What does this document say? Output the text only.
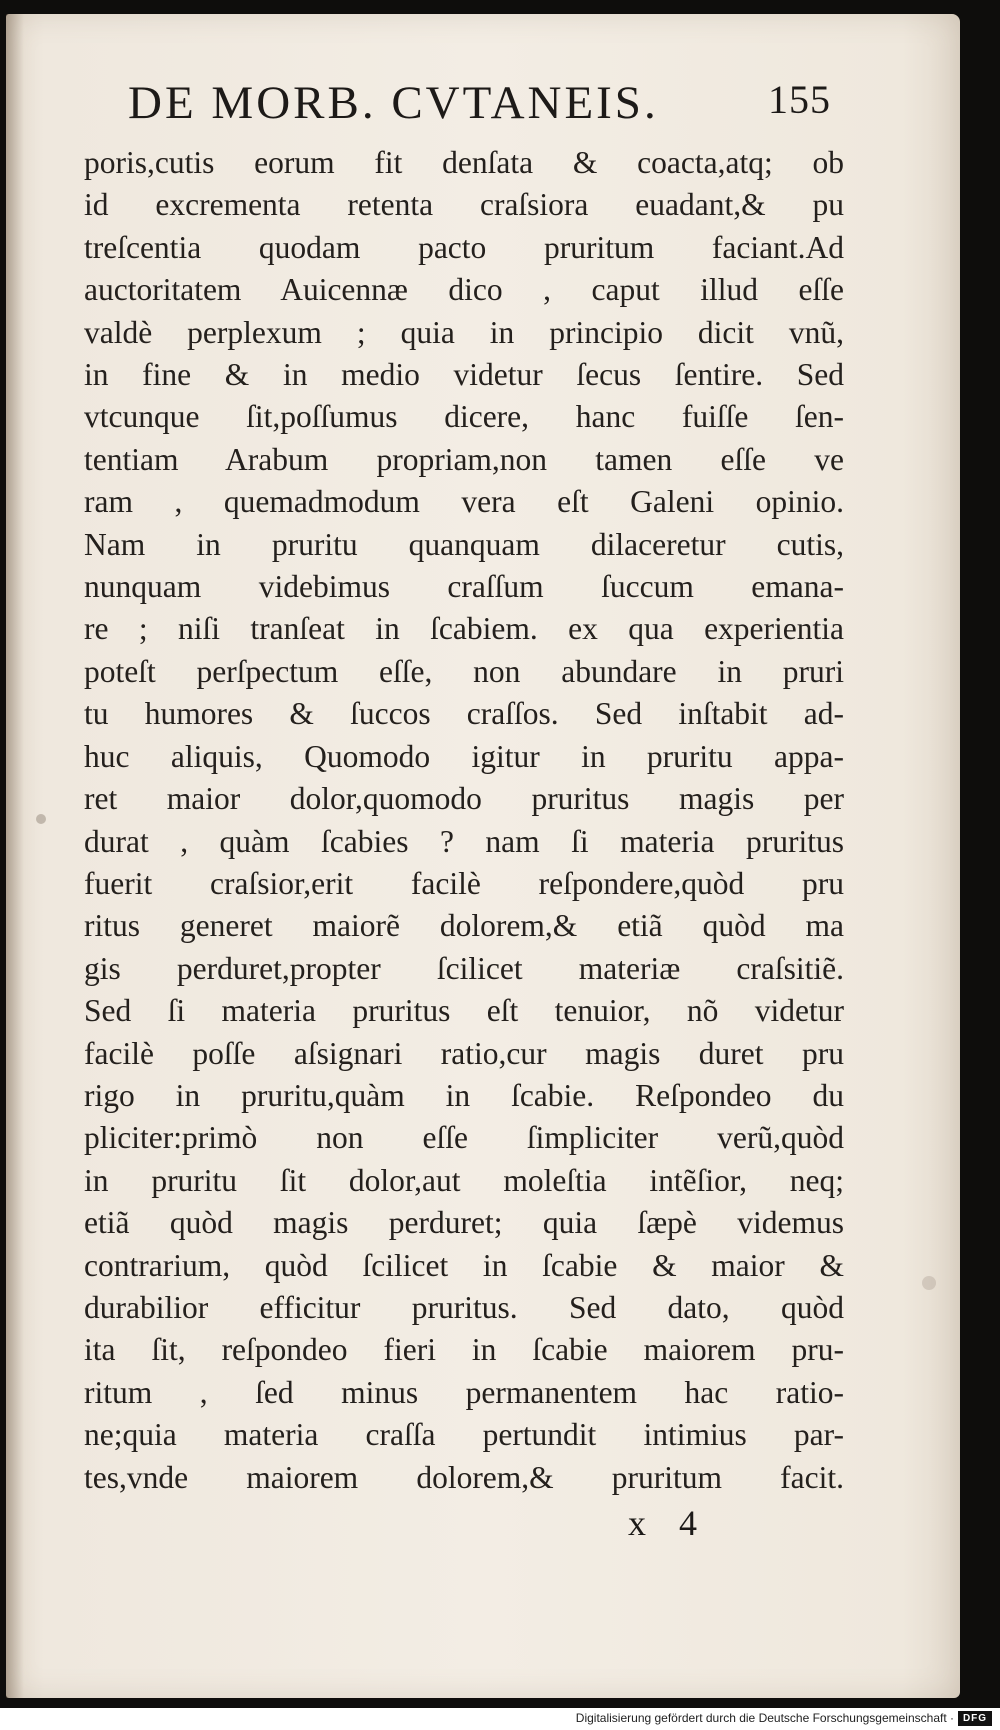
DE MORB. CVTANEIS.	155
poris,cutis eorum fit denſata & coacta,atq; ob
id excrementa retenta craſsiora euadant,& pu
treſcentia quodam pacto pruritum faciant.Ad
auctoritatem Auicennæ dico , caput illud eſſe
valdè perplexum ; quia in principio dicit vnũ,
in fine & in medio videtur ſecus ſentire. Sed
vtcunque ſit,poſſumus dicere, hanc fuiſſe ſen-
tentiam Arabum propriam,non tamen eſſe ve
ram , quemadmodum vera eſt Galeni opinio.
Nam in pruritu quanquam dilaceretur cutis,
nunquam videbimus craſſum ſuccum emana-
re ; niſi tranſeat in ſcabiem. ex qua experientia
poteſt perſpectum eſſe, non abundare in pruri
tu humores & ſuccos craſſos. Sed inſtabit ad-
huc aliquis, Quomodo igitur in pruritu appa-
ret maior dolor,quomodo pruritus magis per
durat , quàm ſcabies ? nam ſi materia pruritus
fuerit craſsior,erit facilè reſpondere,quòd pru
ritus generet maiorẽ dolorem,& etiã quòd ma
gis perduret,propter ſcilicet materiæ craſsitiẽ.
Sed ſi materia pruritus eſt tenuior, nõ videtur
facilè poſſe aſsignari ratio,cur magis duret pru
rigo in pruritu,quàm in ſcabie. Reſpondeo du
pliciter:primò non eſſe ſimpliciter verũ,quòd
in pruritu ſit dolor,aut moleſtia intẽſior, neq;
etiã quòd magis perduret; quia ſæpè videmus
contrarium, quòd ſcilicet in ſcabie & maior &
durabilior efficitur pruritus. Sed dato, quòd
ita ſit, reſpondeo fieri in ſcabie maiorem pru-
ritum , ſed minus permanentem hac ratio-
ne;quia materia craſſa pertundit intimius par-
tes,vnde maiorem dolorem,& pruritum facit.
x 4
Digitalisierung gefördert durch die Deutsche Forschungsgemeinschaft · DFG
